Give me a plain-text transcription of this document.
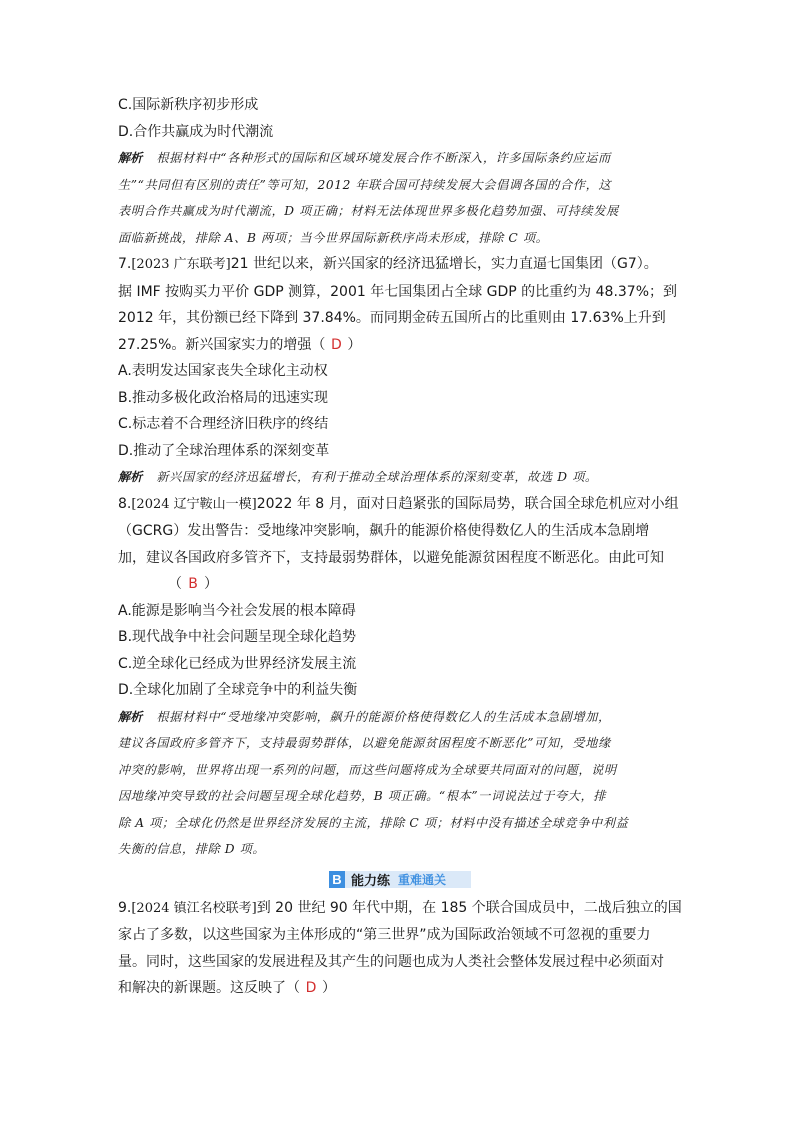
C.国际新秩序初步形成
D.合作共赢成为时代潮流
解析 根据材料中“各种形式的国际和区域环境发展合作不断深入，许多国际条约应运而
生”“共同但有区别的责任”等可知，2012 年联合国可持续发展大会倡调各国的合作，这
表明合作共赢成为时代潮流，D 项正确；材料无法体现世界多极化趋势加强、可持续发展
面临新挑战，排除 A、B 两项；当今世界国际新秩序尚未形成，排除 C 项。
7.[2023 广东联考]21 世纪以来，新兴国家的经济迅猛增长，实力直逼七国集团（G7）。
据 IMF 按购买力平价 GDP 测算，2001 年七国集团占全球 GDP 的比重约为 48.37%；到
2012 年，其份额已经下降到 37.84%。而同期金砖五国所占的比重则由 17.63%上升到
27.25%。新兴国家实力的增强（ D ）
A.表明发达国家丧失全球化主动权
B.推动多极化政治格局的迅速实现
C.标志着不合理经济旧秩序的终结
D.推动了全球治理体系的深刻变革
解析 新兴国家的经济迅猛增长，有利于推动全球治理体系的深刻变革，故选 D 项。
8.[2024 辽宁鞍山一模]2022 年 8 月，面对日趋紧张的国际局势，联合国全球危机应对小组
（GCRG）发出警告：受地缘冲突影响，飙升的能源价格使得数亿人的生活成本急剧增
加，建议各国政府多管齐下，支持最弱势群体，以避免能源贫困程度不断恶化。由此可知
（ B ）
A.能源是影响当今社会发展的根本障碍
B.现代战争中社会问题呈现全球化趋势
C.逆全球化已经成为世界经济发展主流
D.全球化加剧了全球竞争中的利益失衡
解析 根据材料中“受地缘冲突影响，飙升的能源价格使得数亿人的生活成本急剧增加，
建议各国政府多管齐下，支持最弱势群体，以避免能源贫困程度不断恶化”可知，受地缘
冲突的影响，世界将出现一系列的问题，而这些问题将成为全球要共同面对的问题，说明
因地缘冲突导致的社会问题呈现全球化趋势，B 项正确。“根本”一词说法过于夸大，排
除 A 项；全球化仍然是世界经济发展的主流，排除 C 项；材料中没有描述全球竞争中利益
失衡的信息，排除 D 项。
B 能力练 重难通关
9.[2024 镇江名校联考]到 20 世纪 90 年代中期，在 185 个联合国成员中，二战后独立的国
家占了多数，以这些国家为主体形成的“第三世界”成为国际政治领域不可忽视的重要力
量。同时，这些国家的发展进程及其产生的问题也成为人类社会整体发展过程中必须面对
和解决的新课题。这反映了（ D ）
